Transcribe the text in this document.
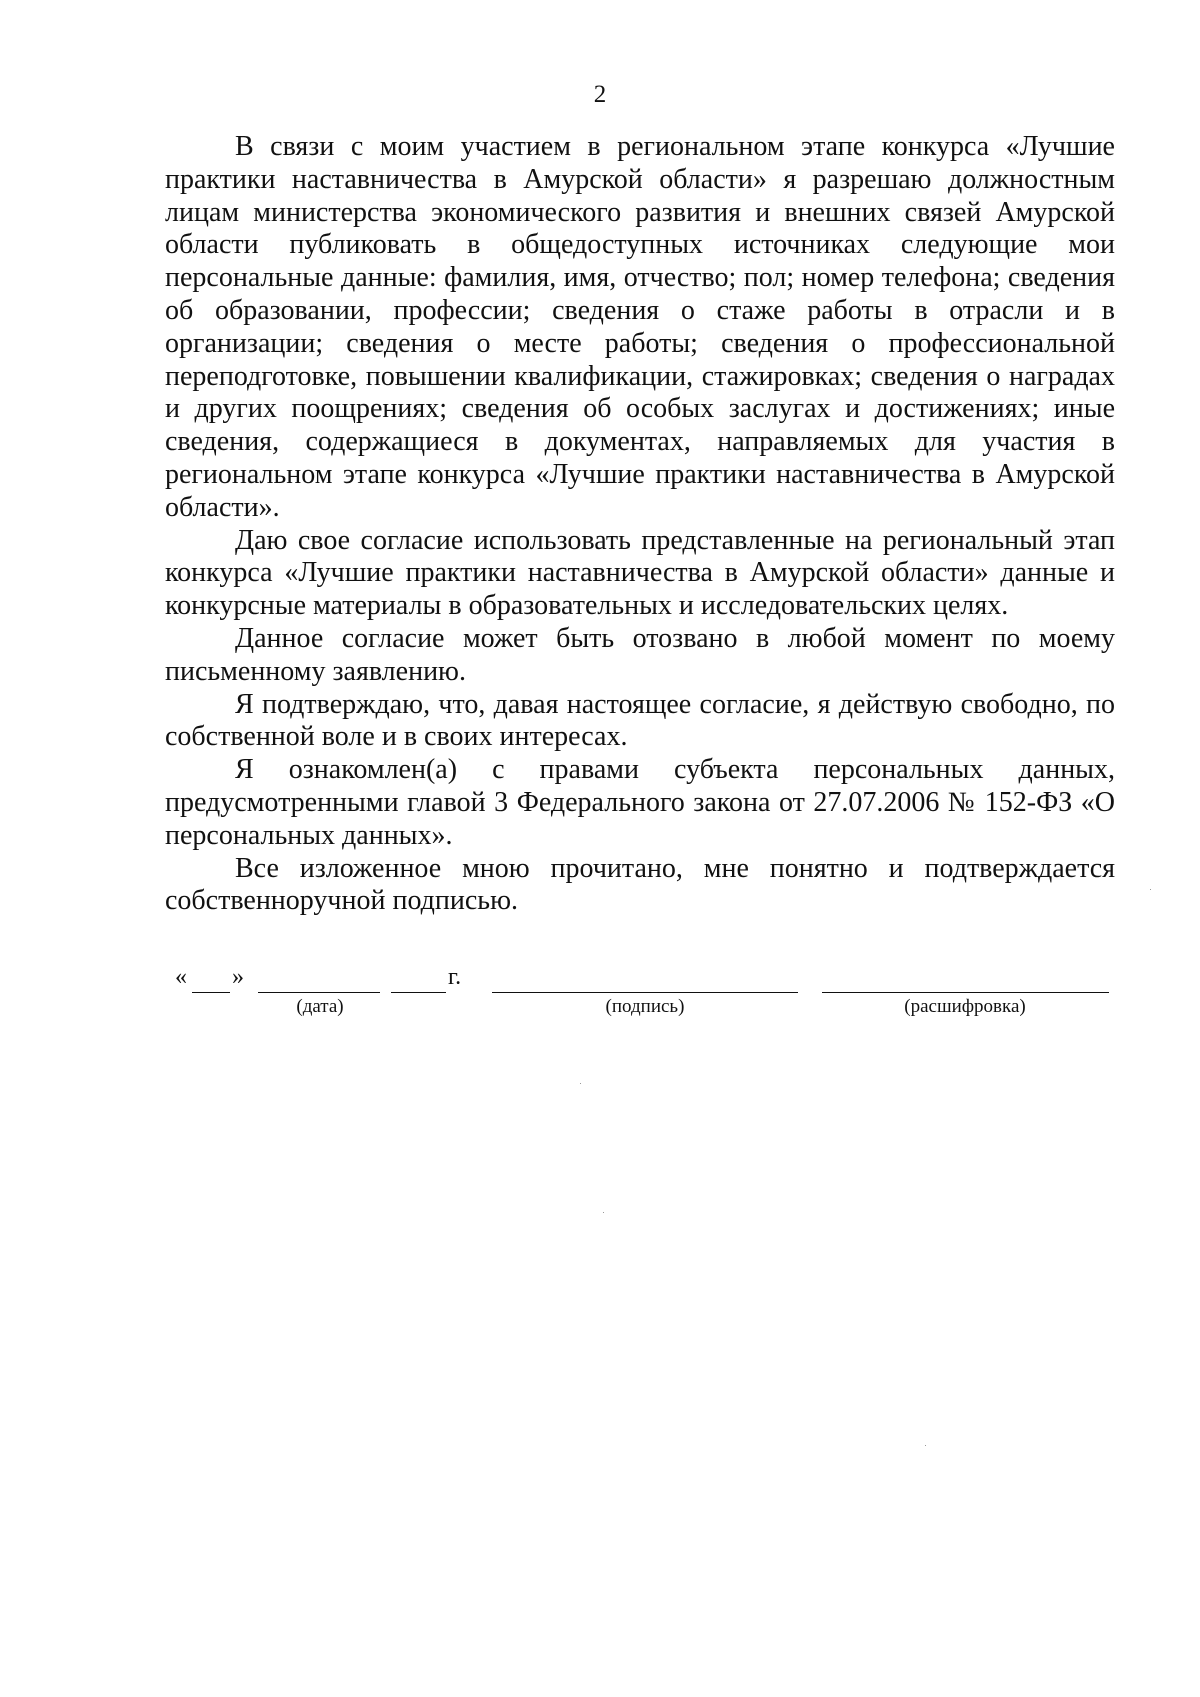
2

В связи с моим участием в региональном этапе конкурса «Лучшие практики наставничества в Амурской области» я разрешаю должностным лицам министерства экономического развития и внешних связей Амурской области публиковать в общедоступных источниках следующие мои персональные данные: фамилия, имя, отчество; пол; номер телефона; сведения об образовании, профессии; сведения о стаже работы в отрасли и в организации; сведения о месте работы; сведения о профессиональной переподготовке, повышении квалификации, стажировках; сведения о наградах и других поощрениях; сведения об особых заслугах и достижениях; иные сведения, содержащиеся в документах, направляемых для участия в региональном этапе конкурса «Лучшие практики наставничества в Амурской области».

Даю свое согласие использовать представленные на региональный этап конкурса «Лучшие практики наставничества в Амурской области» данные и конкурсные материалы в образовательных и исследовательских целях.

Данное согласие может быть отозвано в любой момент по моему письменному заявлению.

Я подтверждаю, что, давая настоящее согласие, я действую свободно, по собственной воле и в своих интересах.

Я ознакомлен(а) с правами субъекта персональных данных, предусмотренными главой 3 Федерального закона от 27.07.2006 № 152-ФЗ «О персональных данных».

Все изложенное мною прочитано, мне понятно и подтверждается собственноручной подписью.

« »	г.
(дата)	(подпись)	(расшифровка)
